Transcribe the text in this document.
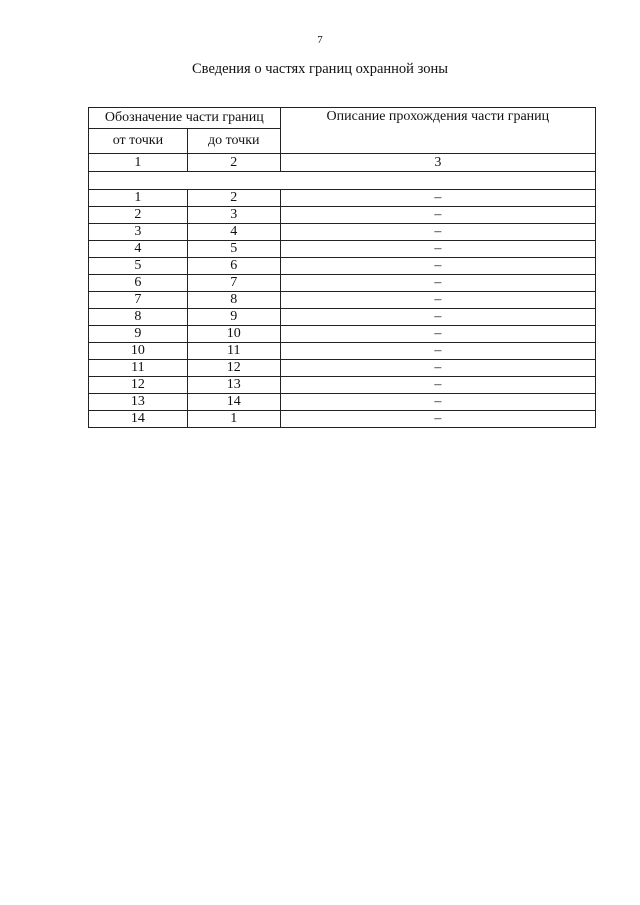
7
Сведения о частях границ охранной зоны
Обозначение части границ		Описание прохождения части границ
от точки	до точки	
1	2	3

1	2	–
2	3	–
3	4	–
4	5	–
5	6	–
6	7	–
7	8	–
8	9	–
9	10	–
10	11	–
11	12	–
12	13	–
13	14	–
14	1	–
